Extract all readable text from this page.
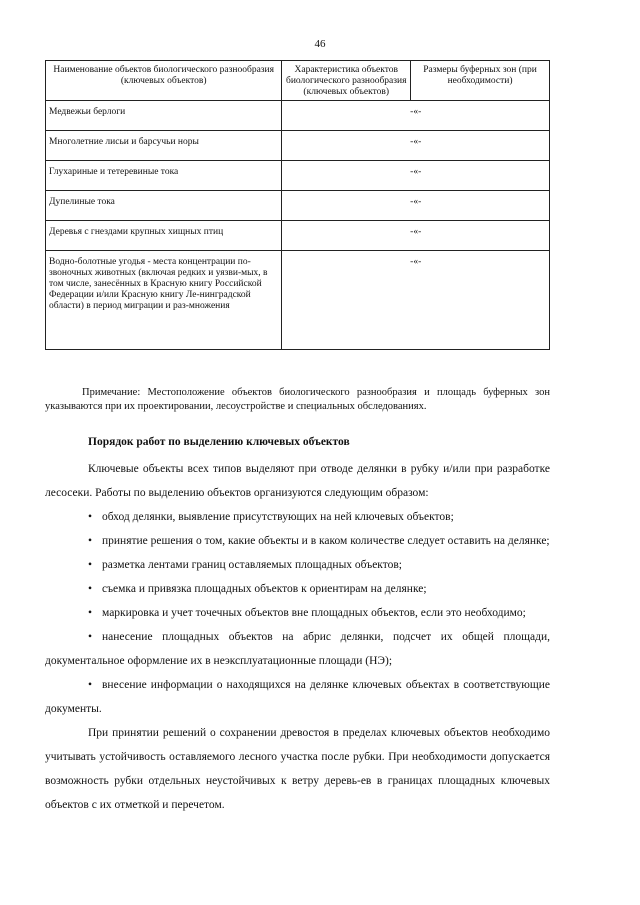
46
Наименование объектов биологического разнообразия (ключевых объектов)	Характеристика объектов биологического разнообразия (ключевых объектов)	Размеры буферных зон (при необходимости)
Медвежьи берлоги	-«-	
Многолетние лисьи и барсучьи норы	-«-	
Глухариные и тетеревиные тока	-«-	
Дупелиные тока	-«-	
Деревья с гнездами крупных хищных птиц	-«-	
Водно-болотные угодья - места концентрации по-звоночных животных (включая редких и уязви-мых, в том числе, занесённых в Красную книгу Российской Федерации и/или Красную книгу Ле-нинградской области) в период миграции и раз-множения	-«-	

Примечание: Местоположение объектов биологического разнообразия и площадь буферных зон указываются при их проектировании, лесоустройстве и специальных обследованиях.

Порядок работ по выделению ключевых объектов

Ключевые объекты всех типов выделяют при отводе делянки в рубку и/или при разработке лесосеки. Работы по выделению объектов организуются следующим образом:

• обход делянки, выявление присутствующих на ней ключевых объектов;

• принятие решения о том, какие объекты и в каком количестве следует оставить на делянке;

• разметка лентами границ оставляемых площадных объектов;

• съемка и привязка площадных объектов к ориентирам на делянке;

• маркировка и учет точечных объектов вне площадных объектов, если это необходимо;

• нанесение площадных объектов на абрис делянки, подсчет их общей площади, документальное оформление их в неэксплуатационные площади (НЭ);

• внесение информации о находящихся на делянке ключевых объектах в соответствующие документы.

При принятии решений о сохранении древостоя в пределах ключевых объектов необходимо учитывать устойчивость оставляемого лесного участка после рубки. При необходимости допускается возможность рубки отдельных неустойчивых к ветру деревь-ев в границах площадных ключевых объектов с их отметкой и перечетом.
